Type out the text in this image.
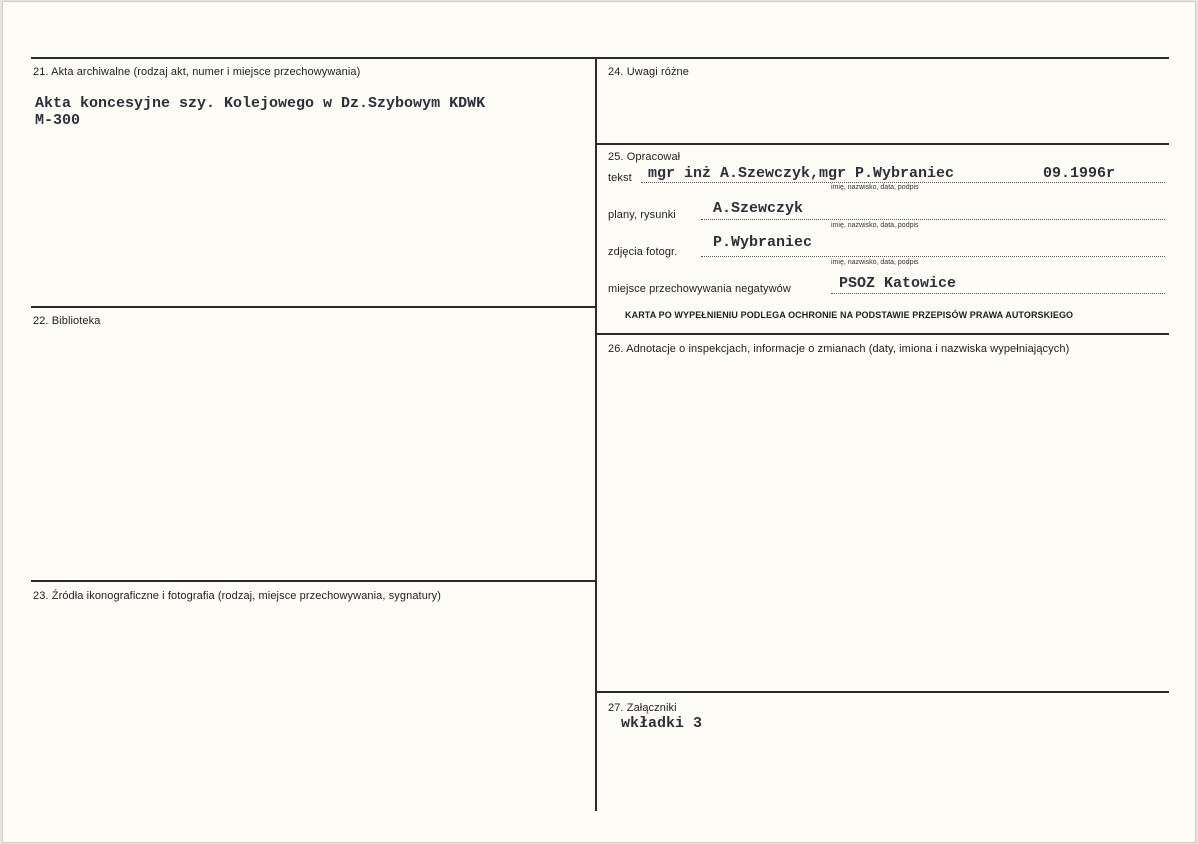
21. Akta archiwalne (rodzaj akt, numer i miejsce przechowywania)
Akta koncesyjne szy. Kolejowego w Dz.Szybowym KDWK
M-300
22. Biblioteka
23. Źródła ikonograficzne i fotografia (rodzaj, miejsce przechowywania, sygnatury)
24. Uwagi różne
25. Opracował
tekst mgr inż A.Szewczyk,mgr P.Wybraniec	09.1996r
imię, nazwisko, data, podpis
plany, rysunki A.Szewczyk
imię, nazwisko, data, podpis
zdjęcia fotogr.
P.Wybraniec
imię, nazwisko, data, podpis
miejsce przechowywania negatywów	PSOZ Katowice
KARTA PO WYPEŁNIENIU PODLEGA OCHRONIE NA PODSTAWIE PRZEPISÓW PRAWA AUTORSKIEGO
26. Adnotacje o inspekcjach, informacje o zmianach (daty, imiona i nazwiska wypełniających)
27. Załączniki
wkładki 3
